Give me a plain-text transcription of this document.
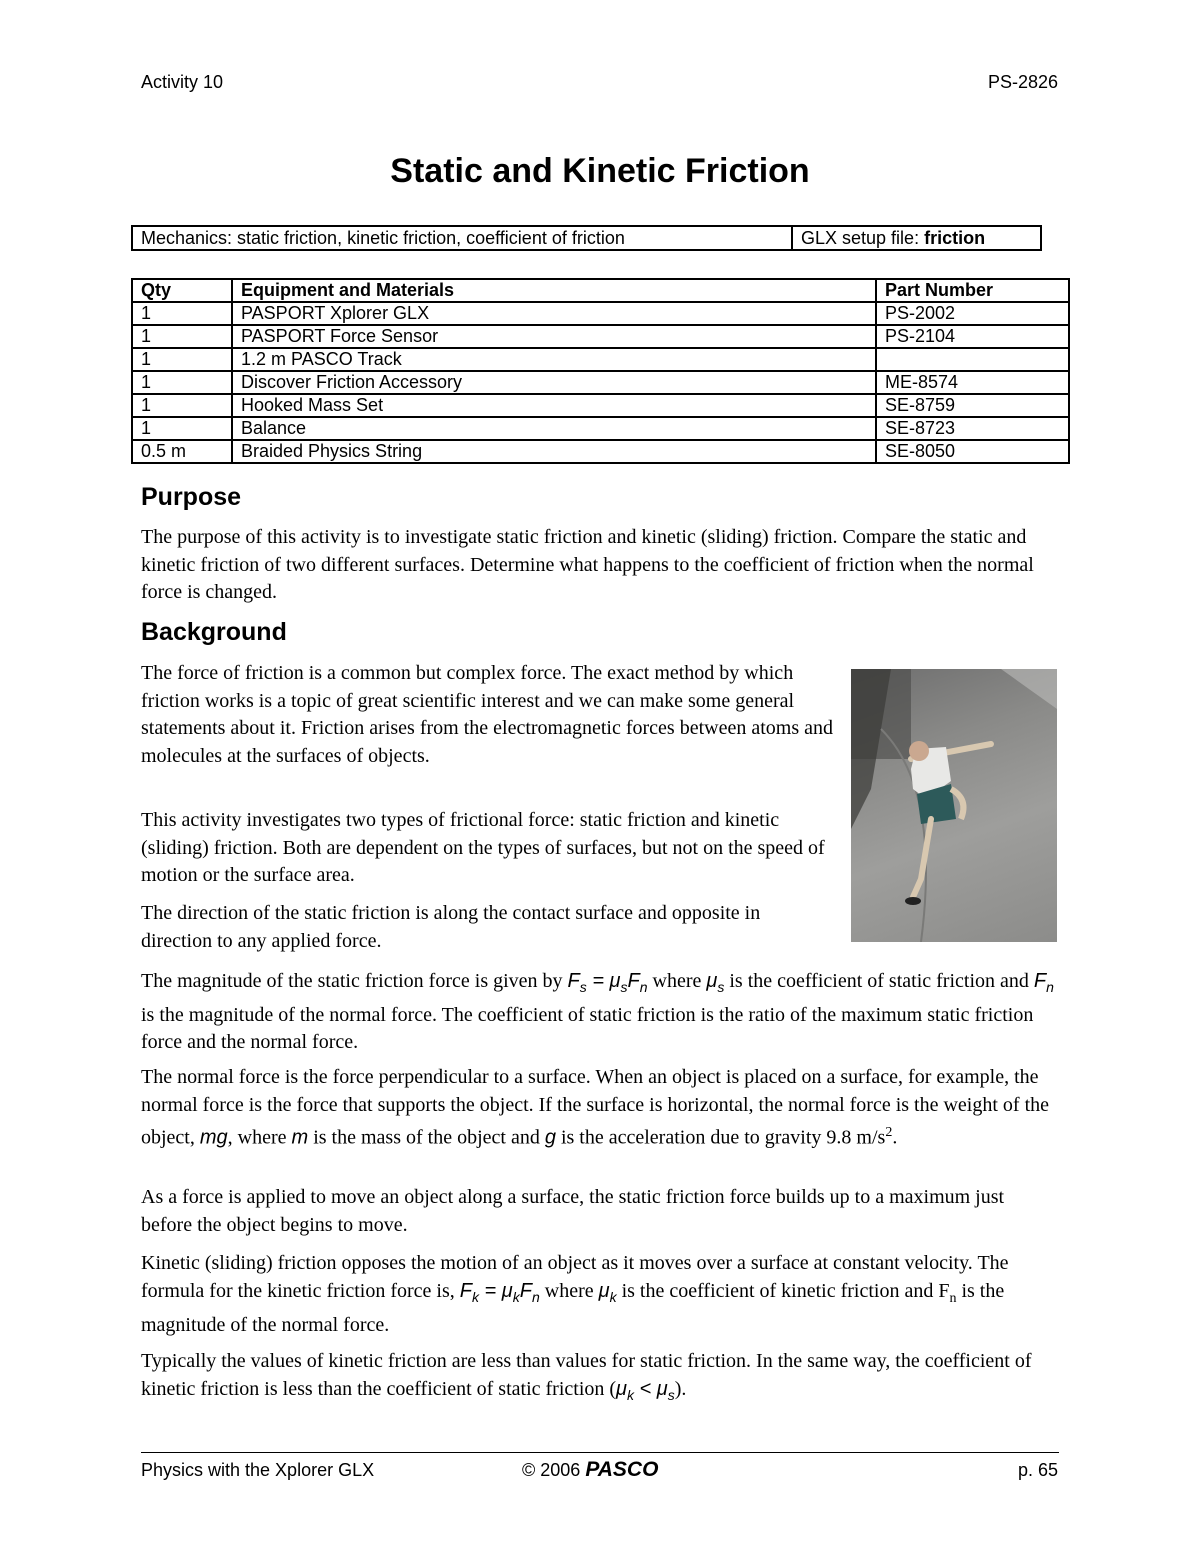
Activity 10	PS-2826
Static and Kinetic Friction
Mechanics: static friction, kinetic friction, coefficient of friction	GLX setup file: friction
Qty	Equipment and Materials	Part Number
1	PASPORT Xplorer GLX	PS-2002
1	PASPORT Force Sensor	PS-2104
1	1.2 m PASCO Track	
1	Discover Friction Accessory	ME-8574
1	Hooked Mass Set	SE-8759
1	Balance	SE-8723
0.5 m	Braided Physics String	SE-8050
Purpose

The purpose of this activity is to investigate static friction and kinetic (sliding) friction. Compare the static and kinetic friction of two different surfaces. Determine what happens to the coefficient of friction when the normal force is changed.

Background

The force of friction is a common but complex force. The exact method by which friction works is a topic of great scientific interest and we can make some general statements about it. Friction arises from the electromagnetic forces between atoms and molecules at the surfaces of objects.

This activity investigates two types of frictional force: static friction and kinetic (sliding) friction. Both are dependent on the types of surfaces, but not on the speed of motion or the surface area.

The direction of the static friction is along the contact surface and opposite in direction to any applied force.

The magnitude of the static friction force is given by $F_s = \mu_sF_n$ where $\mu_s$ is the coefficient of static friction and $F_n$ is the magnitude of the normal force. The coefficient of static friction is the ratio of the maximum static friction force and the normal force.

The normal force is the force perpendicular to a surface. When an object is placed on a surface, for example, the normal force is the force that supports the object. If the surface is horizontal, the normal force is the weight of the object, mg, where m is the mass of the object and g is the acceleration due to gravity 9.8 $m/s^2$.

As a force is applied to move an object along a surface, the static friction force builds up to a maximum just before the object begins to move.

Kinetic (sliding) friction opposes the motion of an object as it moves over a surface at constant velocity. The formula for the kinetic friction force is, $F_k = \mu_kF_n$ where $\mu_k$ is the coefficient of kinetic friction and $F_n$ is the magnitude of the normal force.

Typically the values of kinetic friction are less than values for static friction. In the same way, the coefficient of kinetic friction is less than the coefficient of static friction $(\mu_k < \mu_s)$.

Physics with the Xplorer GLX	© 2006 PASCO	p. 65
